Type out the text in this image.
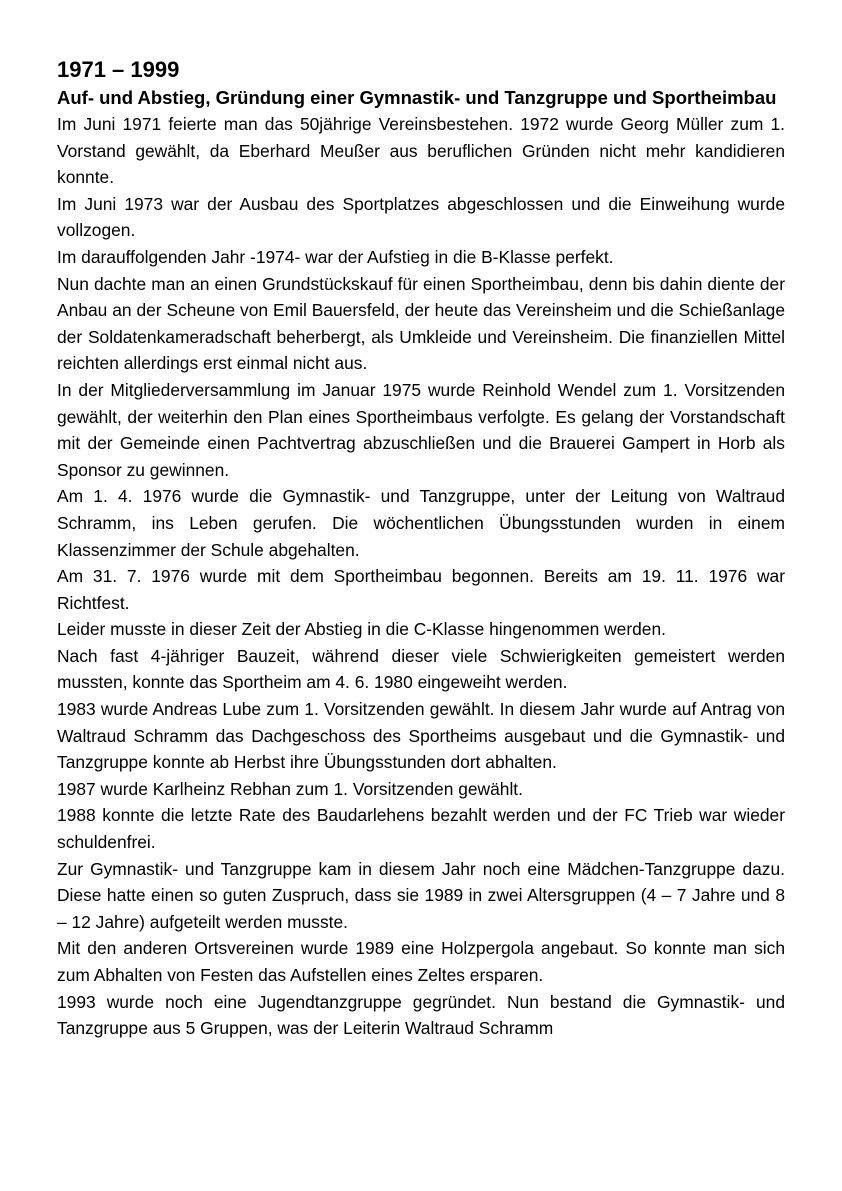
1971 – 1999
Auf- und Abstieg, Gründung einer Gymnastik- und Tanzgruppe und Sportheimbau

Im Juni 1971 feierte man das 50jährige Vereinsbestehen. 1972 wurde Georg Müller zum 1. Vorstand gewählt, da Eberhard Meußer aus beruflichen Gründen nicht mehr kandidieren konnte.

Im Juni 1973 war der Ausbau des Sportplatzes abgeschlossen und die Einweihung wurde vollzogen.

Im darauffolgenden Jahr -1974- war der Aufstieg in die B-Klasse perfekt.

Nun dachte man an einen Grundstückskauf für einen Sportheimbau, denn bis dahin diente der Anbau an der Scheune von Emil Bauersfeld, der heute das Vereinsheim und die Schießanlage der Soldatenkameradschaft beherbergt, als Umkleide und Vereinsheim. Die finanziellen Mittel reichten allerdings erst einmal nicht aus.

In der Mitgliederversammlung im Januar 1975 wurde Reinhold Wendel zum 1. Vorsitzenden gewählt, der weiterhin den Plan eines Sportheimbaus verfolgte. Es gelang der Vorstandschaft mit der Gemeinde einen Pachtvertrag abzuschließen und die Brauerei Gampert in Horb als Sponsor zu gewinnen.

Am 1. 4. 1976 wurde die Gymnastik- und Tanzgruppe, unter der Leitung von Waltraud Schramm, ins Leben gerufen. Die wöchentlichen Übungsstunden wurden in einem Klassenzimmer der Schule abgehalten.

Am 31. 7. 1976 wurde mit dem Sportheimbau begonnen. Bereits am 19. 11. 1976 war Richtfest.

Leider musste in dieser Zeit der Abstieg in die C-Klasse hingenommen werden.

Nach fast 4-jähriger Bauzeit, während dieser viele Schwierigkeiten gemeistert werden mussten, konnte das Sportheim am 4. 6. 1980 eingeweiht werden.

1983 wurde Andreas Lube zum 1. Vorsitzenden gewählt. In diesem Jahr wurde auf Antrag von Waltraud Schramm das Dachgeschoss des Sportheims ausgebaut und die Gymnastik- und Tanzgruppe konnte ab Herbst ihre Übungsstunden dort abhalten.

1987 wurde Karlheinz Rebhan zum 1. Vorsitzenden gewählt.

1988 konnte die letzte Rate des Baudarlehens bezahlt werden und der FC Trieb war wieder schuldenfrei.

Zur Gymnastik- und Tanzgruppe kam in diesem Jahr noch eine Mädchen-Tanzgruppe dazu. Diese hatte einen so guten Zuspruch, dass sie 1989 in zwei Altersgruppen (4 – 7 Jahre und 8 – 12 Jahre) aufgeteilt werden musste.

Mit den anderen Ortsvereinen wurde 1989 eine Holzpergola angebaut. So konnte man sich zum Abhalten von Festen das Aufstellen eines Zeltes ersparen.

1993 wurde noch eine Jugendtanzgruppe gegründet. Nun bestand die Gymnastik- und Tanzgruppe aus 5 Gruppen, was der Leiterin Waltraud Schramm
